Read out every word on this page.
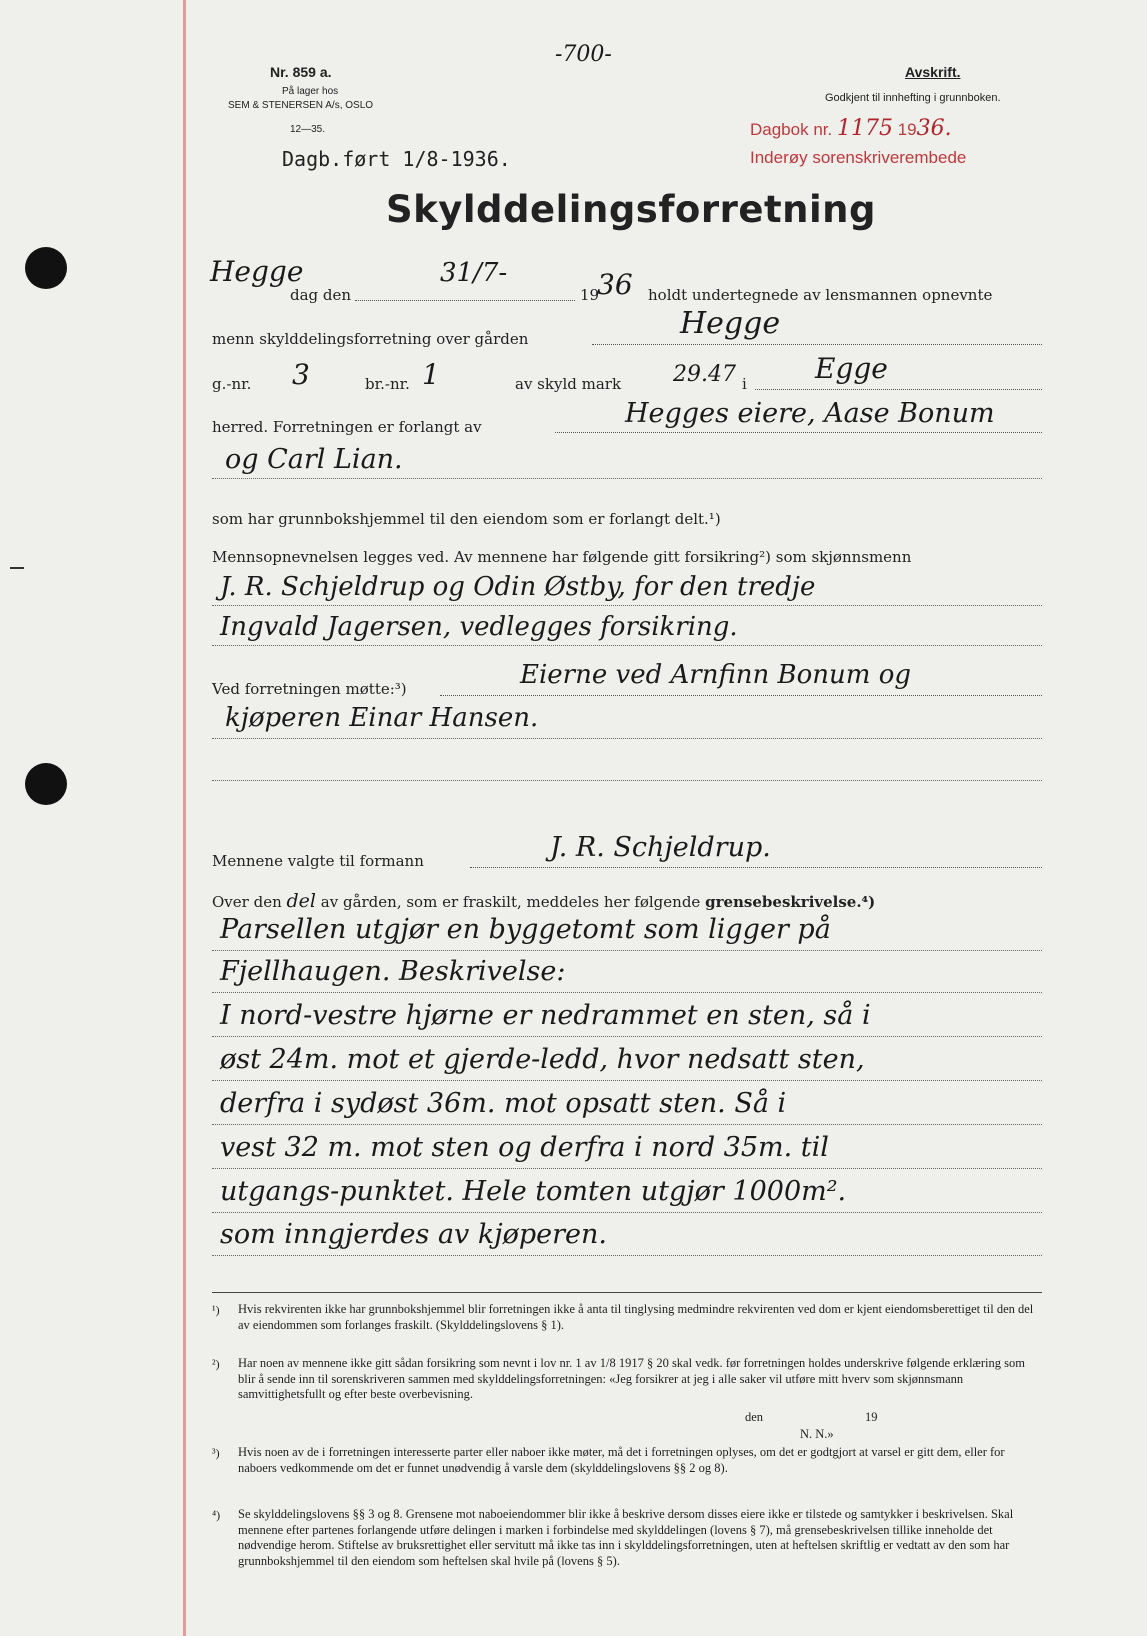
-700-
Nr. 859 a.
På lager hos
SEM & STENERSEN A/s, OSLO
12—35.
Avskrift.
Godkjent til innhefting i grunnboken.
Dagbok nr. 1175 1936.
Inderøy sorenskriverembede
Dagb.ført 1/8-1936.
Skylddelingsforretning
Hegge
dag den
31/7-
19
36 holdt undertegnede av lensmannen opnevnte
menn skylddelingsforretning over gården	Hegge
g.-nr. 3	br.-nr. 1	av skyld mark 29.47 i Egge
herred. Forretningen er forlangt av	Hegges eiere, Aase Bonum
og Carl Lian.
som har grunnbokshjemmel til den eiendom som er forlangt delt.¹)
Mennsopnevnelsen legges ved. Av mennene har følgende gitt forsikring²) som skjønnsmenn
J. R. Schjeldrup og Odin Østby, for den tredje
Ingvald Jagersen, vedlegges forsikring.
Ved forretningen møtte:³)	Eierne ved Arnfinn Bonum og
kjøperen Einar Hansen.
Mennene valgte til formann	J. R. Schjeldrup.
Over den del av gården, som er fraskilt, meddeles her følgende grensebeskrivelse.⁴)
Parsellen utgjør en byggetomt som ligger på
Fjellhaugen. Beskrivelse:
I nord-vestre hjørne er nedrammet en sten, så i
øst 24m. mot et gjerde-ledd, hvor nedsatt sten,
derfra i sydøst 36m. mot opsatt sten. Så i
vest 32 m. mot sten og derfra i nord 35m. til
utgangs-punktet. Hele tomten utgjør 1000m².
som inngjerdes av kjøperen.
¹) Hvis rekvirenten ikke har grunnbokshjemmel blir forretningen ikke å anta til tinglysing medmindre rekvirenten ved dom er kjent eiendomsberettiget til den del av eiendommen som forlanges fraskilt. (Skylddelingslovens § 1).
²) Har noen av mennene ikke gitt sådan forsikring som nevnt i lov nr. 1 av 1/8 1917 § 20 skal vedk. før forretningen holdes underskrive følgende erklæring som blir å sende inn til sorenskriveren sammen med skylddelingsforretningen: «Jeg forsikrer at jeg i alle saker vil utføre mitt hverv som skjønnsmann samvittighetsfullt og efter beste overbevisning.
den	19
N. N.»
³) Hvis noen av de i forretningen interesserte parter eller naboer ikke møter, må det i forretningen oplyses, om det er godtgjort at varsel er gitt dem, eller for naboers vedkommende om det er funnet unødvendig å varsle dem (skylddelingslovens §§ 2 og 8).
⁴) Se skylddelingslovens §§ 3 og 8. Grensene mot naboeiendommer blir ikke å beskrive dersom disses eiere ikke er tilstede og samtykker i beskrivelsen. Skal mennene efter partenes forlangende utføre delingen i marken i forbindelse med skylddelingen (lovens § 7), må grensebeskrivelsen tillike inneholde det nødvendige herom. Stiftelse av bruksrettighet eller servitutt må ikke tas inn i skylddelingsforretningen, uten at heftelsen skriftlig er vedtatt av den som har grunnbokshjemmel til den eiendom som heftelsen skal hvile på (lovens § 5).
